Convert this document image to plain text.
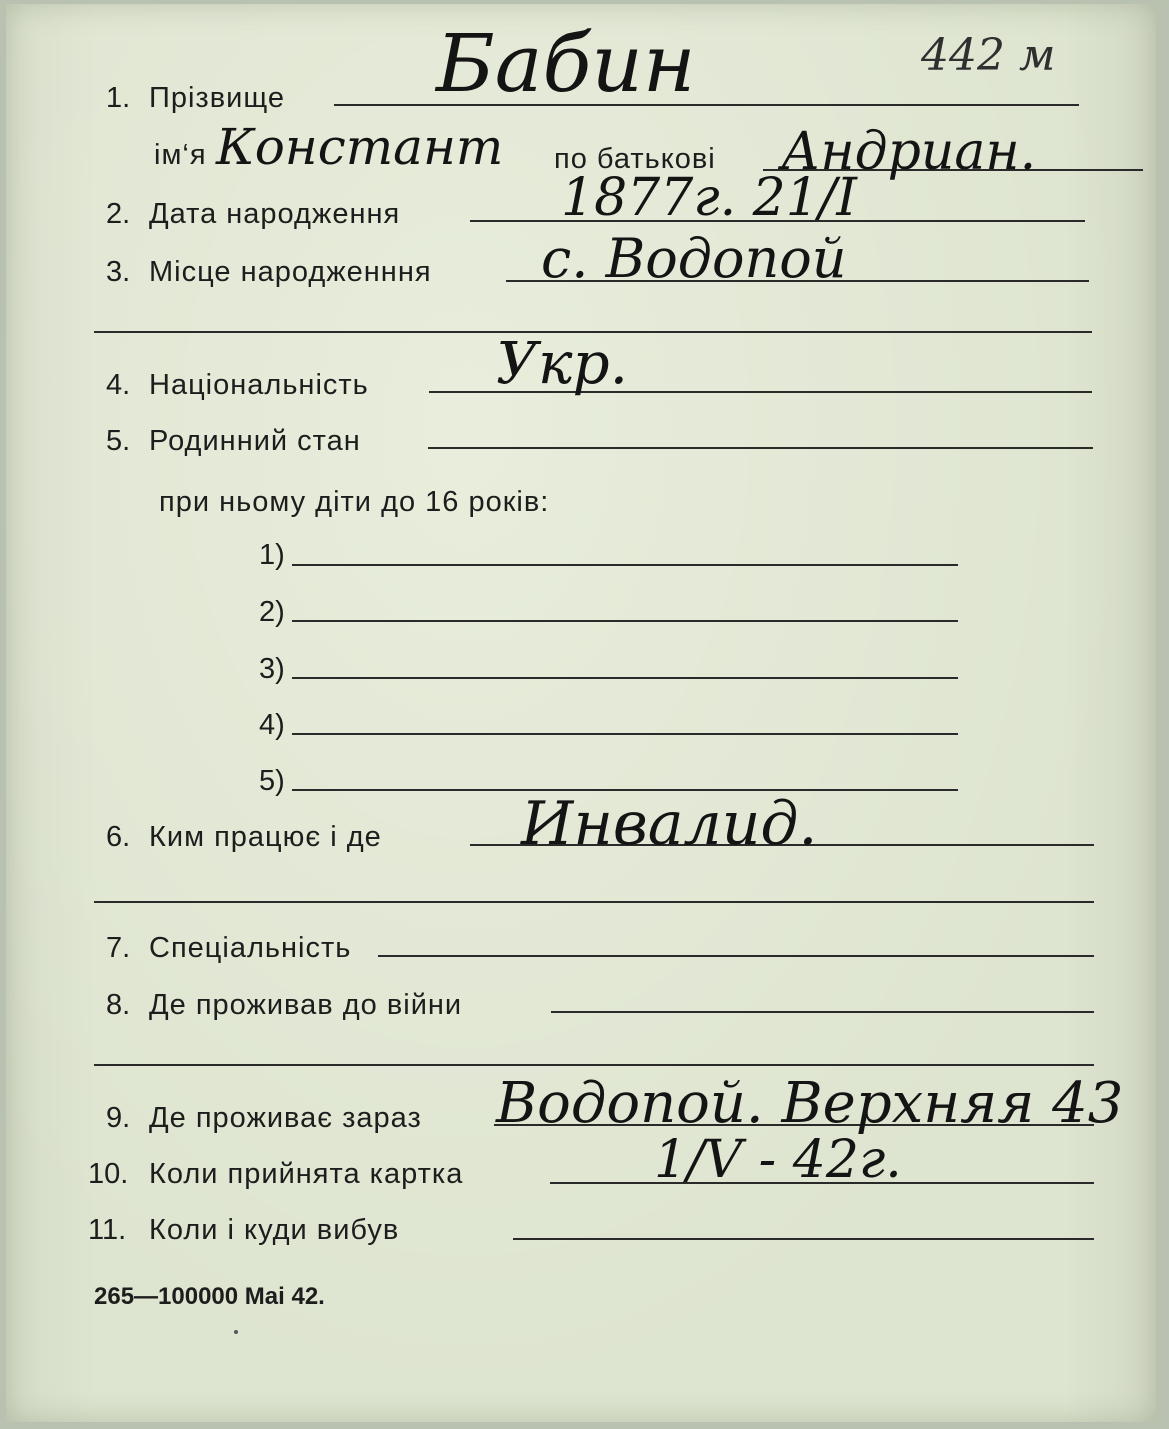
442 м
1. Прізвище Бабин
ім‘я Констант по батькові Андриан.
2. Дата народження	1877г. 21/І
3. Місце народженння с. Водопой
4. Національність Укр.
5. Родинний стан
при ньому діти до 16 років:
1)
2)
3)
4)
5)
6. Ким працює і де Инвалид.
7. Спеціальність
8. Де проживав до війни
9. Де проживає зараз Водопой. Верхняя 43
10. Коли прийнята картка	1/V - 42г.
11. Коли і куди вибув
265—100000 Mai 42.
